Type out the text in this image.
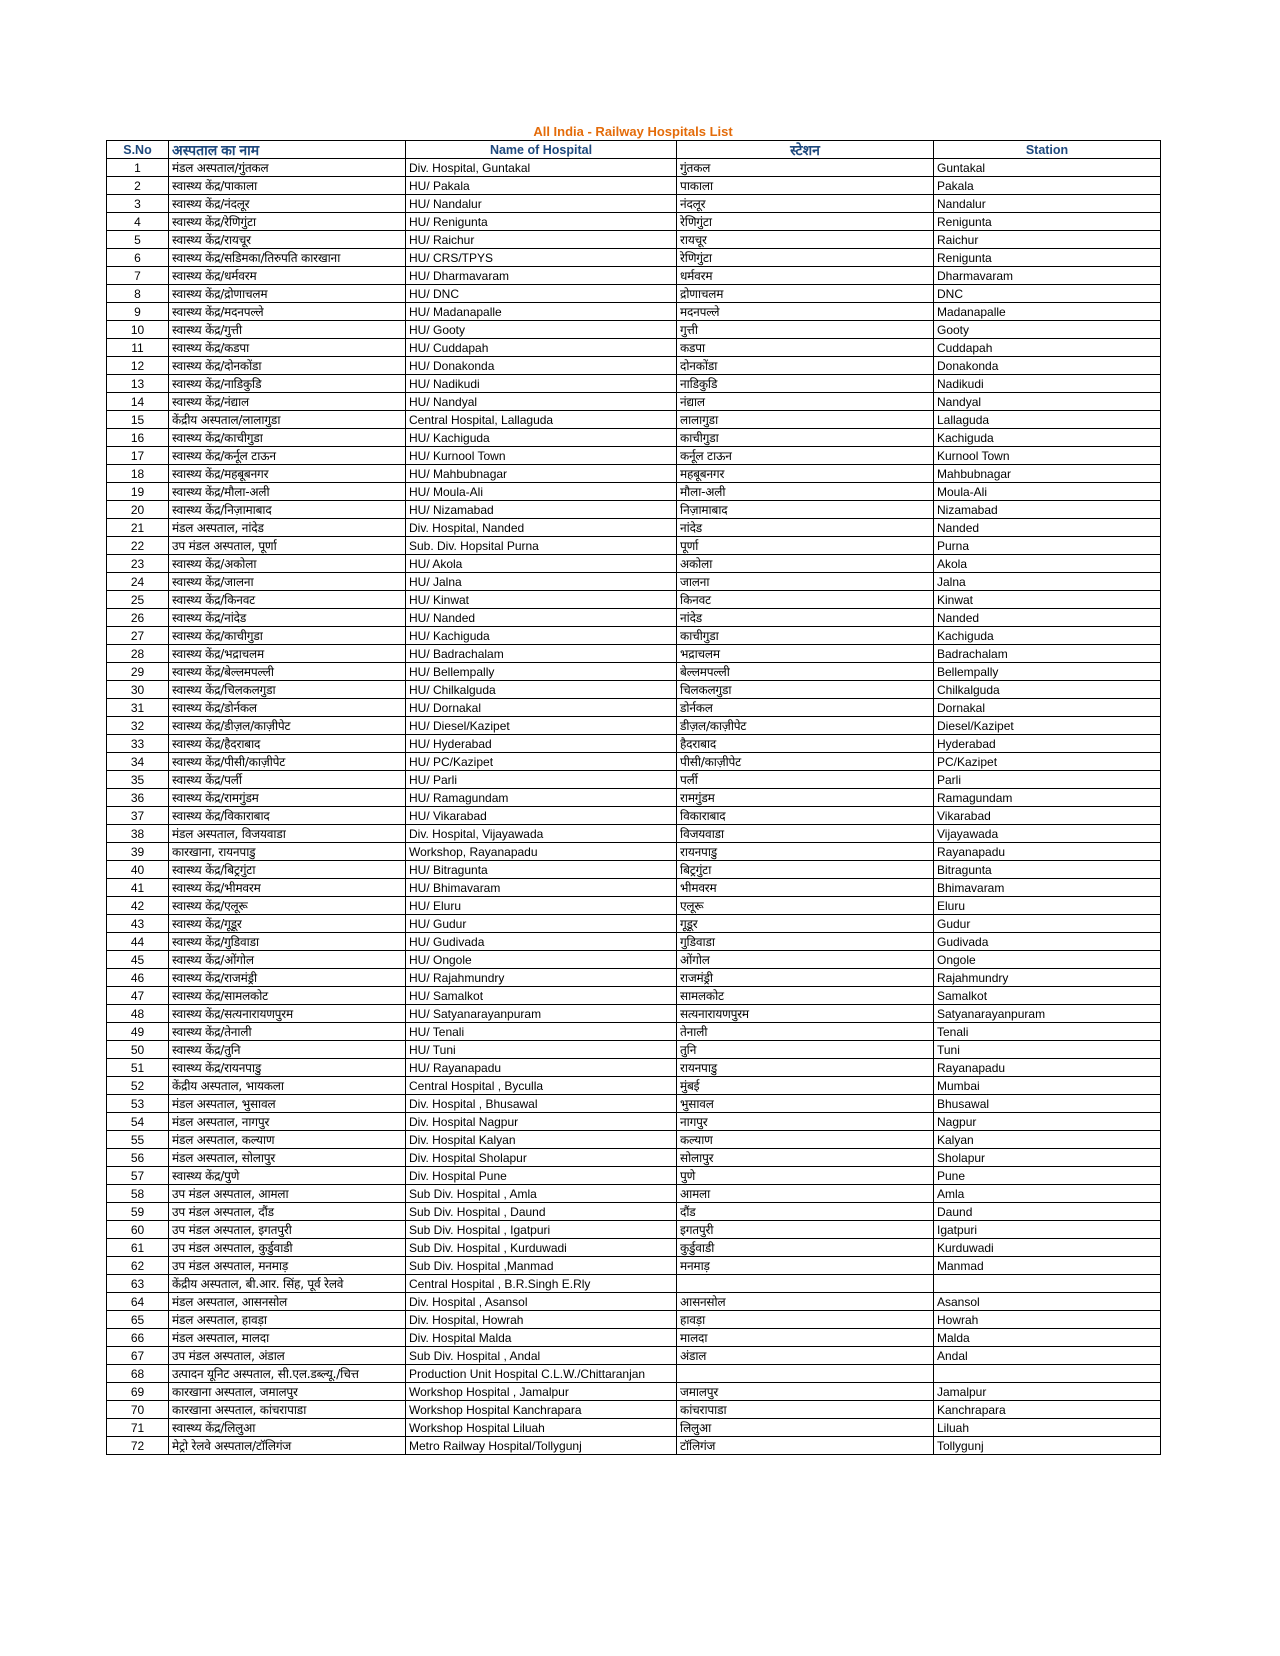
All India - Railway Hospitals List
S.No	अस्पताल का नाम	Name of Hospital	स्टेशन	Station
1	मंडल अस्पताल/गुंतकल	Div. Hospital, Guntakal	गुंतकल	Guntakal
2	स्वास्थ्य केंद्र/पाकाला	HU/ Pakala	पाकाला	Pakala
3	स्वास्थ्य केंद्र/नंदलूर	HU/ Nandalur	नंदलूर	Nandalur
4	स्वास्थ्य केंद्र/रेणिगुंटा	HU/ Renigunta	रेणिगुंटा	Renigunta
5	स्वास्थ्य केंद्र/रायचूर	HU/ Raichur	रायचूर	Raichur
6	स्वास्थ्य केंद्र/सडिमका/तिरुपति कारखाना	HU/ CRS/TPYS	रेणिगुंटा	Renigunta
7	स्वास्थ्य केंद्र/धर्मवरम	HU/ Dharmavaram	धर्मवरम	Dharmavaram
8	स्वास्थ्य केंद्र/द्रोणाचलम	HU/ DNC	द्रोणाचलम	DNC
9	स्वास्थ्य केंद्र/मदनपल्ले	HU/ Madanapalle	मदनपल्ले	Madanapalle
10	स्वास्थ्य केंद्र/गुत्ती	HU/ Gooty	गुत्ती	Gooty
11	स्वास्थ्य केंद्र/कडपा	HU/ Cuddapah	कडपा	Cuddapah
12	स्वास्थ्य केंद्र/दोनकोंडा	HU/ Donakonda	दोनकोंडा	Donakonda
13	स्वास्थ्य केंद्र/नाडिकुडि	HU/ Nadikudi	नाडिकुडि	Nadikudi
14	स्वास्थ्य केंद्र/नंद्याल	HU/ Nandyal	नंद्याल	Nandyal
15	केंद्रीय अस्पताल/लालागुडा	Central Hospital, Lallaguda	लालागुडा	Lallaguda
16	स्वास्थ्य केंद्र/काचीगुडा	HU/ Kachiguda	काचीगुडा	Kachiguda
17	स्वास्थ्य केंद्र/कर्नूल टाऊन	HU/ Kurnool Town	कर्नूल टाऊन	Kurnool Town
18	स्वास्थ्य केंद्र/महबूबनगर	HU/ Mahbubnagar	महबूबनगर	Mahbubnagar
19	स्वास्थ्य केंद्र/मौला-अली	HU/ Moula-Ali	मौला-अली	Moula-Ali
20	स्वास्थ्य केंद्र/निज़ामाबाद	HU/ Nizamabad	निज़ामाबाद	Nizamabad
21	मंडल अस्पताल, नांदेड	Div. Hospital, Nanded	नांदेड	Nanded
22	उप मंडल अस्पताल, पूर्णा	Sub. Div. Hopsital Purna	पूर्णा	Purna
23	स्वास्थ्य केंद्र/अकोला	HU/ Akola	अकोला	Akola
24	स्वास्थ्य केंद्र/जालना	HU/ Jalna	जालना	Jalna
25	स्वास्थ्य केंद्र/किनवट	HU/ Kinwat	किनवट	Kinwat
26	स्वास्थ्य केंद्र/नांदेड	HU/ Nanded	नांदेड	Nanded
27	स्वास्थ्य केंद्र/काचीगुडा	HU/ Kachiguda	काचीगुडा	Kachiguda
28	स्वास्थ्य केंद्र/भद्राचलम	HU/ Badrachalam	भद्राचलम	Badrachalam
29	स्वास्थ्य केंद्र/बेल्लमपल्ली	HU/ Bellempally	बेल्लमपल्ली	Bellempally
30	स्वास्थ्य केंद्र/चिलकलगुडा	HU/ Chilkalguda	चिलकलगुडा	Chilkalguda
31	स्वास्थ्य केंद्र/डोर्नकल	HU/ Dornakal	डोर्नकल	Dornakal
32	स्वास्थ्य केंद्र/डीज़ल/काज़ीपेट	HU/ Diesel/Kazipet	डीज़ल/काज़ीपेट	Diesel/Kazipet
33	स्वास्थ्य केंद्र/हैदराबाद	HU/ Hyderabad	हैदराबाद	Hyderabad
34	स्वास्थ्य केंद्र/पीसी/काज़ीपेट	HU/ PC/Kazipet	पीसी/काज़ीपेट	PC/Kazipet
35	स्वास्थ्य केंद्र/पर्ली	HU/ Parli	पर्ली	Parli
36	स्वास्थ्य केंद्र/रामगुंडम	HU/ Ramagundam	रामगुंडम	Ramagundam
37	स्वास्थ्य केंद्र/विकाराबाद	HU/ Vikarabad	विकाराबाद	Vikarabad
38	मंडल अस्पताल, विजयवाडा	Div. Hospital, Vijayawada	विजयवाडा	Vijayawada
39	कारखाना, रायनपाडु	Workshop, Rayanapadu	रायनपाडु	Rayanapadu
40	स्वास्थ्य केंद्र/बिट्रगुंटा	HU/ Bitragunta	बिट्रगुंटा	Bitragunta
41	स्वास्थ्य केंद्र/भीमवरम	HU/ Bhimavaram	भीमवरम	Bhimavaram
42	स्वास्थ्य केंद्र/एलूरू	HU/ Eluru	एलूरू	Eluru
43	स्वास्थ्य केंद्र/गूडूर	HU/ Gudur	गूडूर	Gudur
44	स्वास्थ्य केंद्र/गुडिवाडा	HU/ Gudivada	गुडिवाडा	Gudivada
45	स्वास्थ्य केंद्र/ओंगोल	HU/ Ongole	ओंगोल	Ongole
46	स्वास्थ्य केंद्र/राजमंड्री	HU/ Rajahmundry	राजमंड्री	Rajahmundry
47	स्वास्थ्य केंद्र/सामलकोट	HU/ Samalkot	सामलकोट	Samalkot
48	स्वास्थ्य केंद्र/सत्यनारायणपुरम	HU/ Satyanarayanpuram	सत्यनारायणपुरम	Satyanarayanpuram
49	स्वास्थ्य केंद्र/तेनाली	HU/ Tenali	तेनाली	Tenali
50	स्वास्थ्य केंद्र/तुनि	HU/ Tuni	तुनि	Tuni
51	स्वास्थ्य केंद्र/रायनपाडु	HU/ Rayanapadu	रायनपाडु	Rayanapadu
52	केंद्रीय अस्पताल, भायकला	Central Hospital , Byculla	मुंबई	Mumbai
53	मंडल अस्पताल, भुसावल	Div. Hospital , Bhusawal	भुसावल	Bhusawal
54	मंडल अस्पताल, नागपुर	Div. Hospital Nagpur	नागपुर	Nagpur
55	मंडल अस्पताल, कल्याण	Div. Hospital Kalyan	कल्याण	Kalyan
56	मंडल अस्पताल, सोलापुर	Div. Hospital Sholapur	सोलापुर	Sholapur
57	स्वास्थ्य केंद्र/पुणे	Div. Hospital Pune	पुणे	Pune
58	उप मंडल अस्पताल, आमला	Sub Div. Hospital , Amla	आमला	Amla
59	उप मंडल अस्पताल, दौंड	Sub Div. Hospital , Daund	दौंड	Daund
60	उप मंडल अस्पताल, इगतपुरी	Sub Div. Hospital , Igatpuri	इगतपुरी	Igatpuri
61	उप मंडल अस्पताल, कुर्डुवाडी	Sub Div. Hospital , Kurduwadi	कुर्डुवाडी	Kurduwadi
62	उप मंडल अस्पताल, मनमाड़	Sub Div. Hospital ,Manmad	मनमाड़	Manmad
63	केंद्रीय अस्पताल, बी.आर. सिंह, पूर्व रेलवे	Central Hospital , B.R.Singh E.Rly		
64	मंडल अस्पताल, आसनसोल	Div. Hospital , Asansol	आसनसोल	Asansol
65	मंडल अस्पताल, हावड़ा	Div. Hospital, Howrah	हावड़ा	Howrah
66	मंडल अस्पताल, मालदा	Div. Hospital Malda	मालदा	Malda
67	उप मंडल अस्पताल, अंडाल	Sub Div. Hospital , Andal	अंडाल	Andal
68	उत्पादन यूनिट अस्पताल, सी.एल.डब्ल्यू./चित्त	Production Unit Hospital C.L.W./Chittaranjan		
69	कारखाना अस्पताल, जमालपुर	Workshop Hospital , Jamalpur	जमालपुर	Jamalpur
70	कारखाना अस्पताल, कांचरापाडा	Workshop Hospital Kanchrapara	कांचरापाडा	Kanchrapara
71	स्वास्थ्य केंद्र/लिलुआ	Workshop Hospital Liluah	लिलुआ	Liluah
72	मेट्रो रेलवे अस्पताल/टॉलिगंज	Metro Railway Hospital/Tollygunj	टॉलिगंज	Tollygunj
